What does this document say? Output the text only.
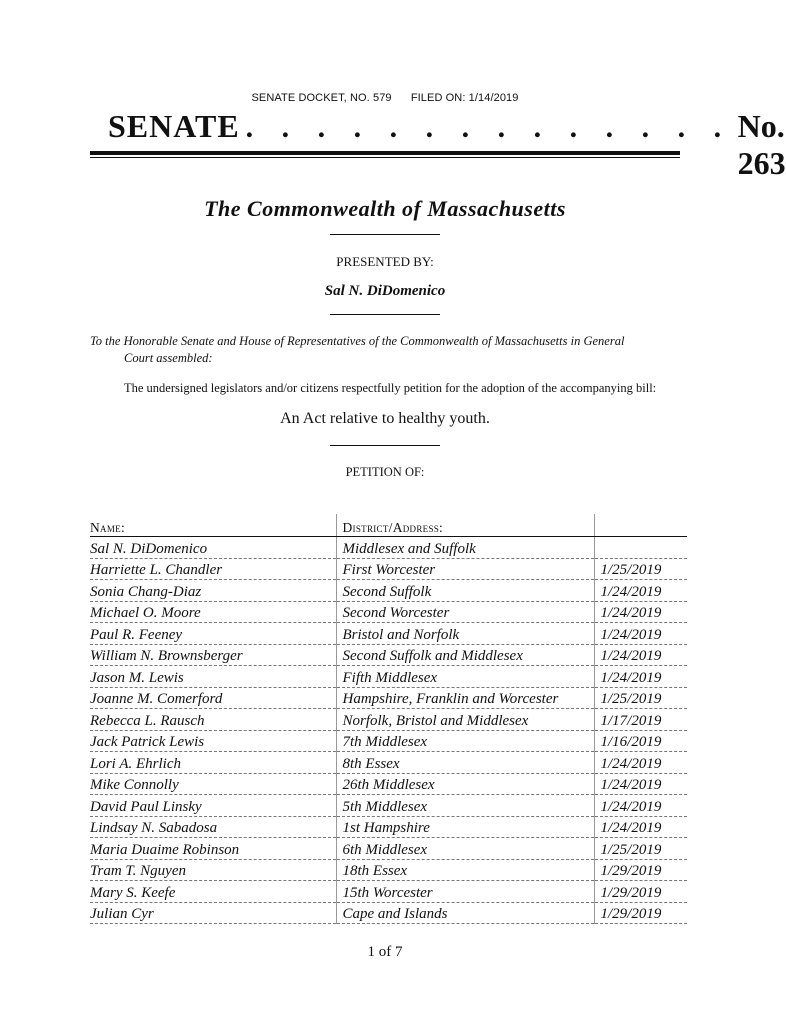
SENATE DOCKET, NO. 579 FILED ON: 1/14/2019
SENATE . . . . . . . . . . . . . . No. 263
The Commonwealth of Massachusetts
PRESENTED BY:
Sal N. DiDomenico
To the Honorable Senate and House of Representatives of the Commonwealth of Massachusetts in General
Court assembled:
The undersigned legislators and/or citizens respectfully petition for the adoption of the accompanying bill:
An Act relative to healthy youth.
PETITION OF:
Name:	District/Address:	
Sal N. DiDomenico	Middlesex and Suffolk	
Harriette L. Chandler	First Worcester	1/25/2019
Sonia Chang-Diaz	Second Suffolk	1/24/2019
Michael O. Moore	Second Worcester	1/24/2019
Paul R. Feeney	Bristol and Norfolk	1/24/2019
William N. Brownsberger	Second Suffolk and Middlesex	1/24/2019
Jason M. Lewis	Fifth Middlesex	1/24/2019
Joanne M. Comerford	Hampshire, Franklin and Worcester	1/25/2019
Rebecca L. Rausch	Norfolk, Bristol and Middlesex	1/17/2019
Jack Patrick Lewis	7th Middlesex	1/16/2019
Lori A. Ehrlich	8th Essex	1/24/2019
Mike Connolly	26th Middlesex	1/24/2019
David Paul Linsky	5th Middlesex	1/24/2019
Lindsay N. Sabadosa	1st Hampshire	1/24/2019
Maria Duaime Robinson	6th Middlesex	1/25/2019
Tram T. Nguyen	18th Essex	1/29/2019
Mary S. Keefe	15th Worcester	1/29/2019
Julian Cyr	Cape and Islands	1/29/2019
1 of 7
